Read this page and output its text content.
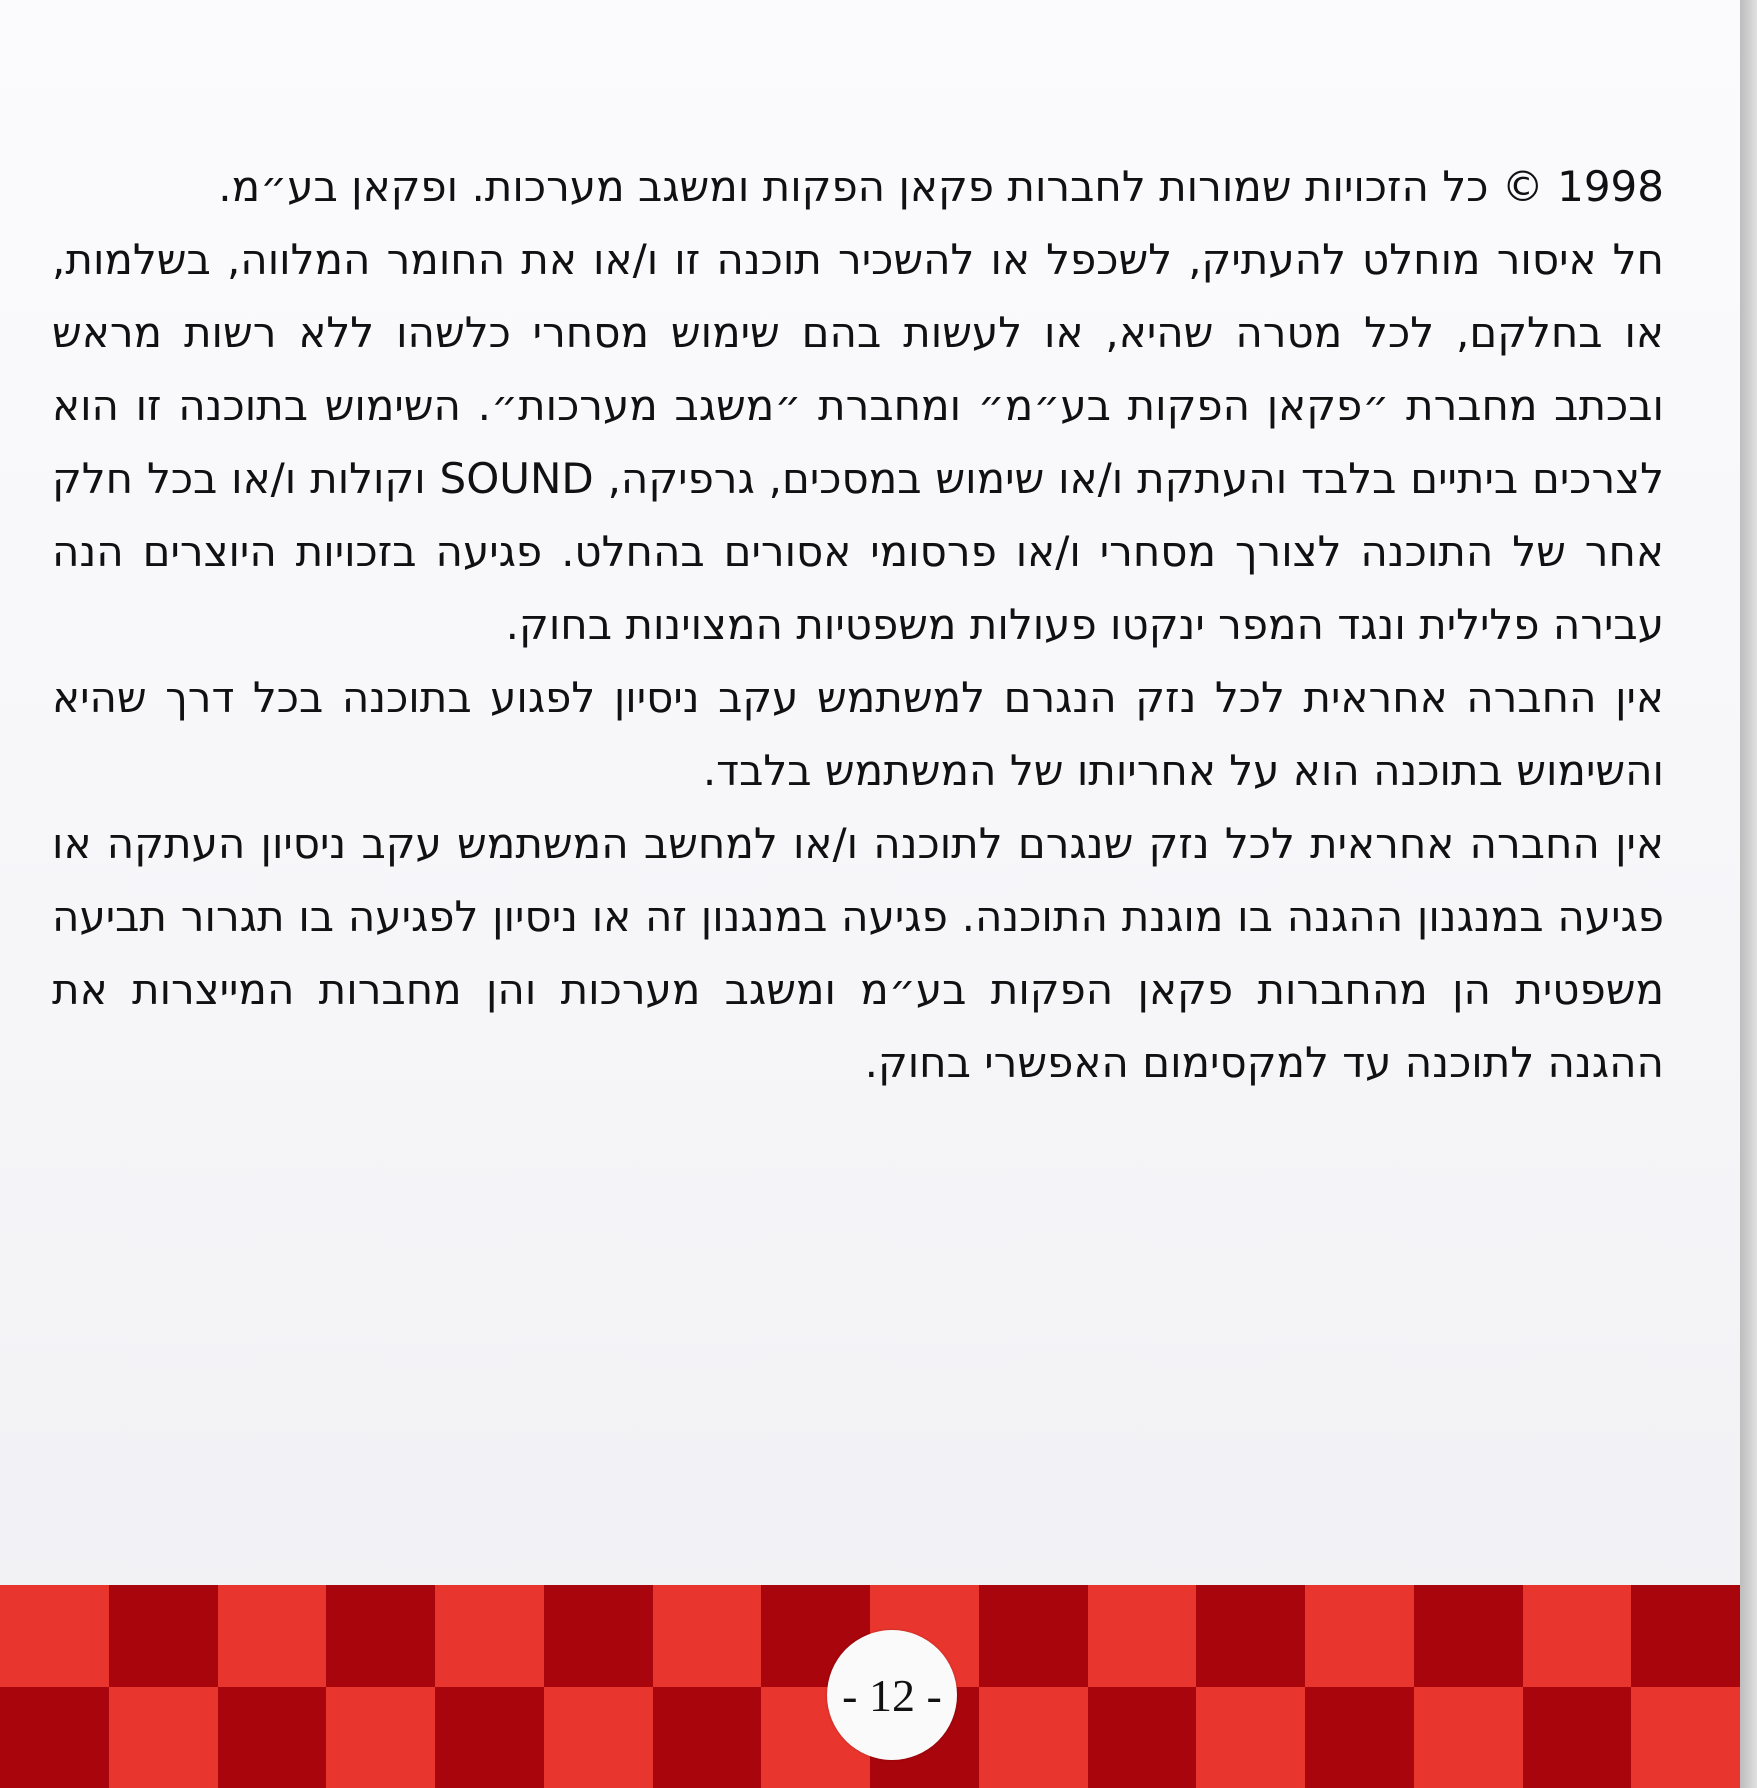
1998 © כל הזכויות שמורות לחברות פקאן הפקות ומשגב מערכות. ופקאן בע״מ.

חל איסור מוחלט להעתיק, לשכפל או להשכיר תוכנה זו ו/או את החומר המלווה, בשלמות, או בחלקם, לכל מטרה שהיא, או לעשות בהם שימוש מסחרי כלשהו ללא רשות מראש ובכתב מחברת ״פקאן הפקות בע״מ״ ומחברת ״משגב מערכות״. השימוש בתוכנה זו הוא לצרכים ביתיים בלבד והעתקת ו/או שימוש במסכים, גרפיקה, SOUND וקולות ו/או בכל חלק אחר של התוכנה לצורך מסחרי ו/או פרסומי אסורים בהחלט. פגיעה בזכויות היוצרים הנה עבירה פלילית ונגד המפר ינקטו פעולות משפטיות המצוינות בחוק.

אין החברה אחראית לכל נזק הנגרם למשתמש עקב ניסיון לפגוע בתוכנה בכל דרך שהיא והשימוש בתוכנה הוא על אחריותו של המשתמש בלבד.

אין החברה אחראית לכל נזק שנגרם לתוכנה ו/או למחשב המשתמש עקב ניסיון העתקה או פגיעה במנגנון ההגנה בו מוגנת התוכנה. פגיעה במנגנון זה או ניסיון לפגיעה בו תגרור תביעה משפטית הן מהחברות פקאן הפקות בע״מ ומשגב מערכות והן מחברות המייצרות את ההגנה לתוכנה עד למקסימום האפשרי בחוק.

- 12 -
